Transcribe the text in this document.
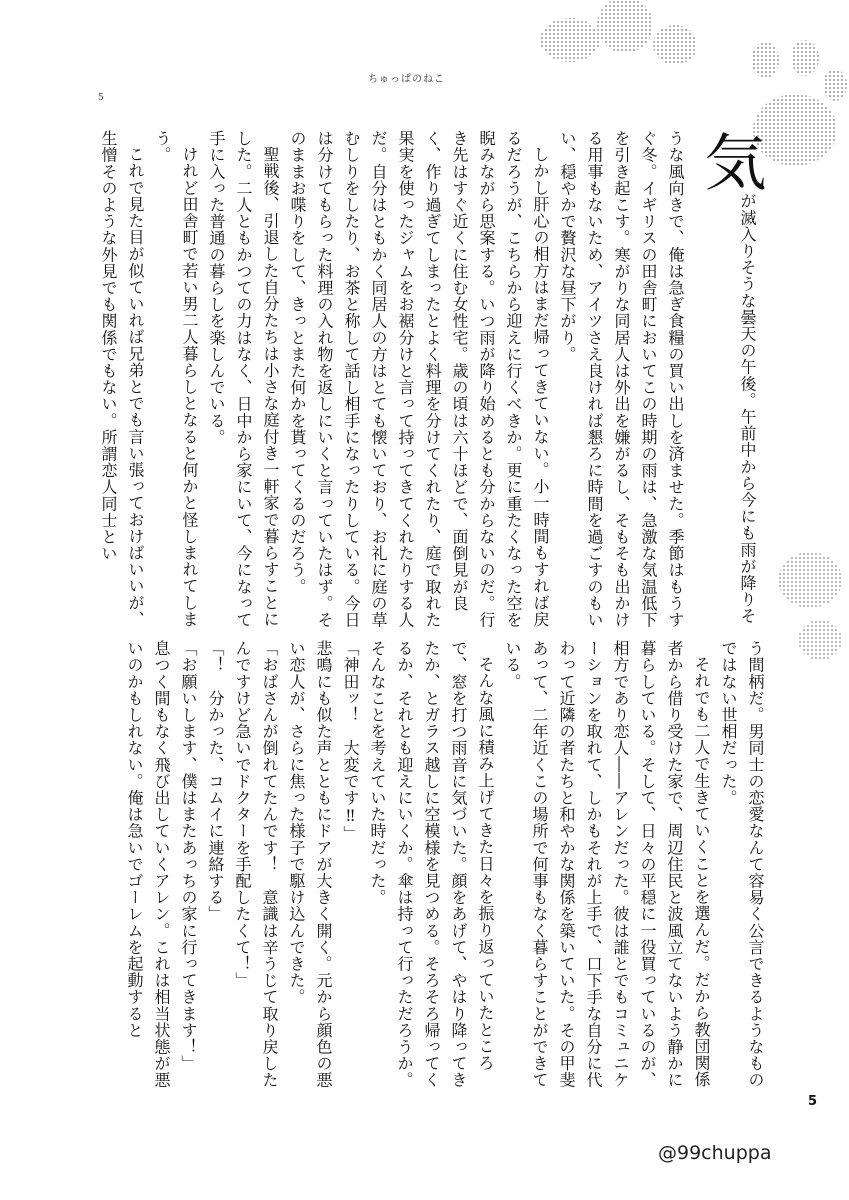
ちゅっぱのねこ
5

気が滅入りそうな曇天の午後。午前中から今にも雨が降りそうな風向きで、俺は急ぎ食糧の買い出しを済ませた。季節はもうすぐ冬。イギリスの田舎町においてこの時期の雨は、急激な気温低下を引き起こす。寒がりな同居人は外出を嫌がるし、そもそも出かける用事もないため、アイツさえ良ければ懇ろに時間を過ごすのもいい、穏やかで贅沢な昼下がり。

しかし肝心の相方はまだ帰ってきていない。小一時間もすれば戻るだろうが、こちらから迎えに行くべきか。更に重たくなった空を睨みながら思案する。いつ雨が降り始めるとも分からないのだ。行き先はすぐ近くに住む女性宅。歳の頃は六十ほどで、面倒見が良く、作り過ぎてしまったとよく料理を分けてくれたり、庭で取れた果実を使ったジャムをお裾分けと言って持ってきてくれたりする人だ。自分はともかく同居人の方はとても懐いており、お礼に庭の草むしりをしたり、お茶と称して話し相手になったりしている。今日は分けてもらった料理の入れ物を返しにいくと言っていたはず。そのままお喋りをして、きっとまた何かを貰ってくるのだろう。

聖戦後、引退した自分たちは小さな庭付き一軒家で暮らすことにした。二人ともかつての力はなく、日中から家にいて、今になって手に入った普通の暮らしを楽しんでいる。

けれど田舎町で若い男二人暮らしとなると何かと怪しまれてしまう。

これで見た目が似ていれば兄弟とでも言い張っておけばいいが、生憎そのような外見でも関係でもない。所謂恋人同士とい

う間柄だ。男同士の恋愛なんて容易く公言できるようなものではない世相だった。

それでも二人で生きていくことを選んだ。だから教団関係者から借り受けた家で、周辺住民と波風立てないよう静かに暮らしている。そして、日々の平穏に一役買っているのが、相方であり恋人――アレンだった。彼は誰とでもコミュニケーションを取れて、しかもそれが上手で、口下手な自分に代わって近隣の者たちと和やかな関係を築いていた。その甲斐あって、二年近くこの場所で何事もなく暮らすことができている。

そんな風に積み上げてきた日々を振り返っていたところで、窓を打つ雨音に気づいた。顔をあげて、やはり降ってきたか、とガラス越しに空模様を見つめる。そろそろ帰ってくるか、それとも迎えにいくか。傘は持って行っただろうか。そんなことを考えていた時だった。

「神田ッ！　大変です‼」

悲鳴にも似た声とともにドアが大きく開く。元から顔色の悪い恋人が、さらに焦った様子で駆け込んできた。

「おばさんが倒れてたんです！　意識は辛うじて取り戻したんですけど急いでドクターを手配したくて！」

「！　分かった、コムイに連絡する」

「お願いします、僕はまたあっちの家に行ってきます！」

息つく間もなく飛び出していくアレン。これは相当状態が悪いのかもしれない。俺は急いでゴーレムを起動すると

5
@99chuppa
